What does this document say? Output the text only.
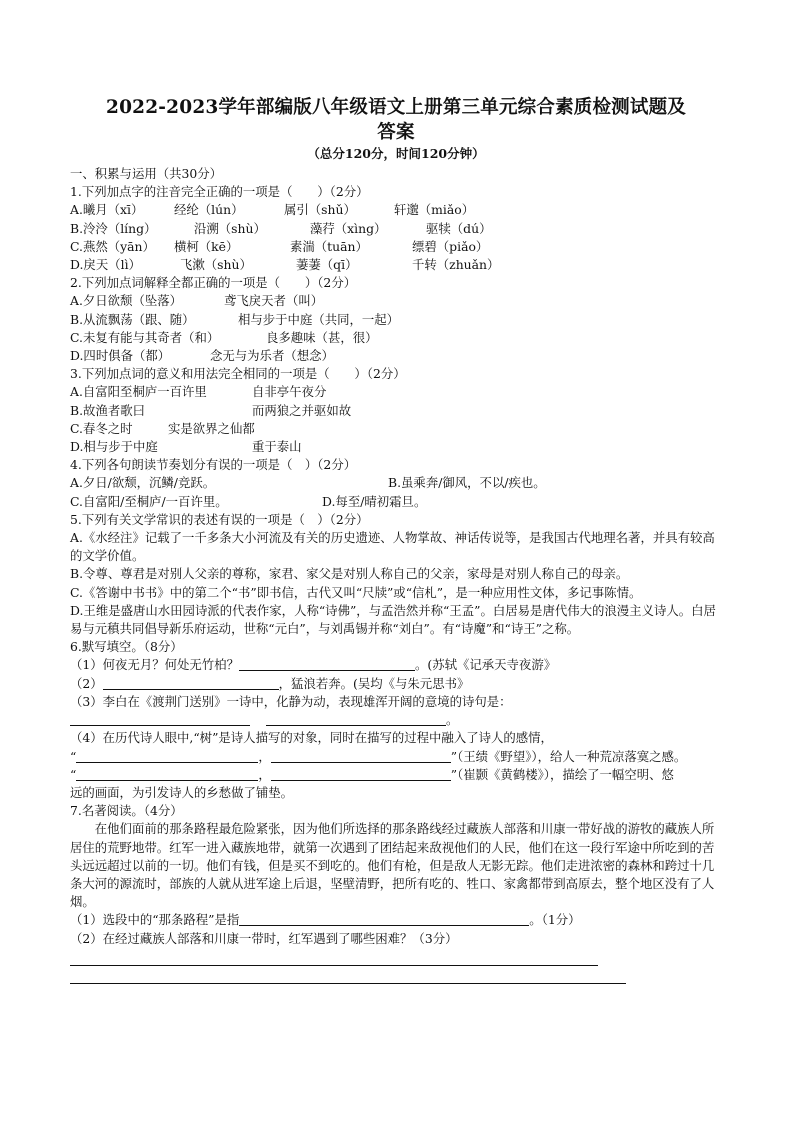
2022-2023学年部编版八年级语文上册第三单元综合素质检测试题及
答案
（总分120分，时间120分钟）
一、积累与运用（共30分）
1.下列加点字的注音完全正确的一项是（　　）（2分）
A.曦月（xī） 经纶（lún）	属引（shǔ）	轩邈（miǎo）
B.泠泠（líng）	沿溯（shù）	藻荇（xìng）	驱犊（dú）
C.燕然（yān） 横柯（kē）	素湍（tuān）	缥碧（piǎo）
D.戾天（lì）	飞漱（shù）	萋萋（qī）	千转（zhuǎn）
2.下列加点词解释全都正确的一项是（　　）（2分）
A.夕日欲颓（坠落）	鸢飞戾天者（叫）
B.从流飘荡（跟、随）	相与步于中庭（共同，一起）
C.未复有能与其奇者（和）	良多趣味（甚，很）
D.四时俱备（都）	念无与为乐者（想念）
3.下列加点词的意义和用法完全相同的一项是（　　）（2分）
A.自富阳至桐庐一百许里	自非亭午夜分
B.故渔者歌曰	而两狼之并驱如故
C.春冬之时	实是欲界之仙都
D.相与步于中庭	重于泰山
4.下列各句朗读节奏划分有误的一项是（　）（2分）
A.夕日/欲颓，沉鳞/竞跃。	B.虽乘奔/御风，不以/疾也。
C.自富阳/至桐庐/一百许里。	D.每至/晴初霜旦。
5.下列有关文学常识的表述有误的一项是（　）（2分）
A.《水经注》记载了一千多条大小河流及有关的历史遗迹、人物掌故、神话传说等，是我国古代地理名著，并具有较高的文学价值。
B.令尊、尊君是对别人父亲的尊称，家君、家父是对别人称自己的父亲，家母是对别人称自己的母亲。
C.《答谢中书书》中的第二个“书”即书信，古代又叫“尺牍”或“信札”，是一种应用性文体，多记事陈情。
D.王维是盛唐山水田园诗派的代表作家，人称“诗佛”，与孟浩然并称“王孟”。白居易是唐代伟大的浪漫主义诗人。白居易与元稹共同倡导新乐府运动，世称“元白”，与刘禹锡并称“刘白”。有“诗魔”和“诗王”之称。
6.默写填空。（8分）
（1）何夜无月？何处无竹柏？	。(苏轼《记承天寺夜游》
（2）	，猛浪若奔。(吴均《与朱元思书》
（3）李白在《渡荆门送别》一诗中，化静为动，表现雄浑开阔的意境的诗句是：
。
（4）在历代诗人眼中,“树”是诗人描写的对象，同时在描写的过程中融入了诗人的感情，
“	，	”（王绩《野望》），给人一种荒凉落寞之感。
“	，	”（崔颢《黄鹤楼》），描绘了一幅空明、悠
远的画面，为引发诗人的乡愁做了铺垫。
7.名著阅读。（4分）
在他们面前的那条路程最危险紧张，因为他们所选择的那条路线经过藏族人部落和川康一带好战的游牧的藏族人所居住的荒野地带。红军一进入藏族地带，就第一次遇到了团结起来敌视他们的人民，他们在这一段行军途中所吃到的苦头远远超过以前的一切。他们有钱，但是买不到吃的。他们有枪，但是敌人无影无踪。他们走进浓密的森林和跨过十几条大河的源流时，部族的人就从进军途上后退，坚壁清野，把所有吃的、牲口、家禽都带到高原去，整个地区没有了人烟。
（1）选段中的“那条路程”是指	。（1分）
（2）在经过藏族人部落和川康一带时，红军遇到了哪些困难？（3分）
